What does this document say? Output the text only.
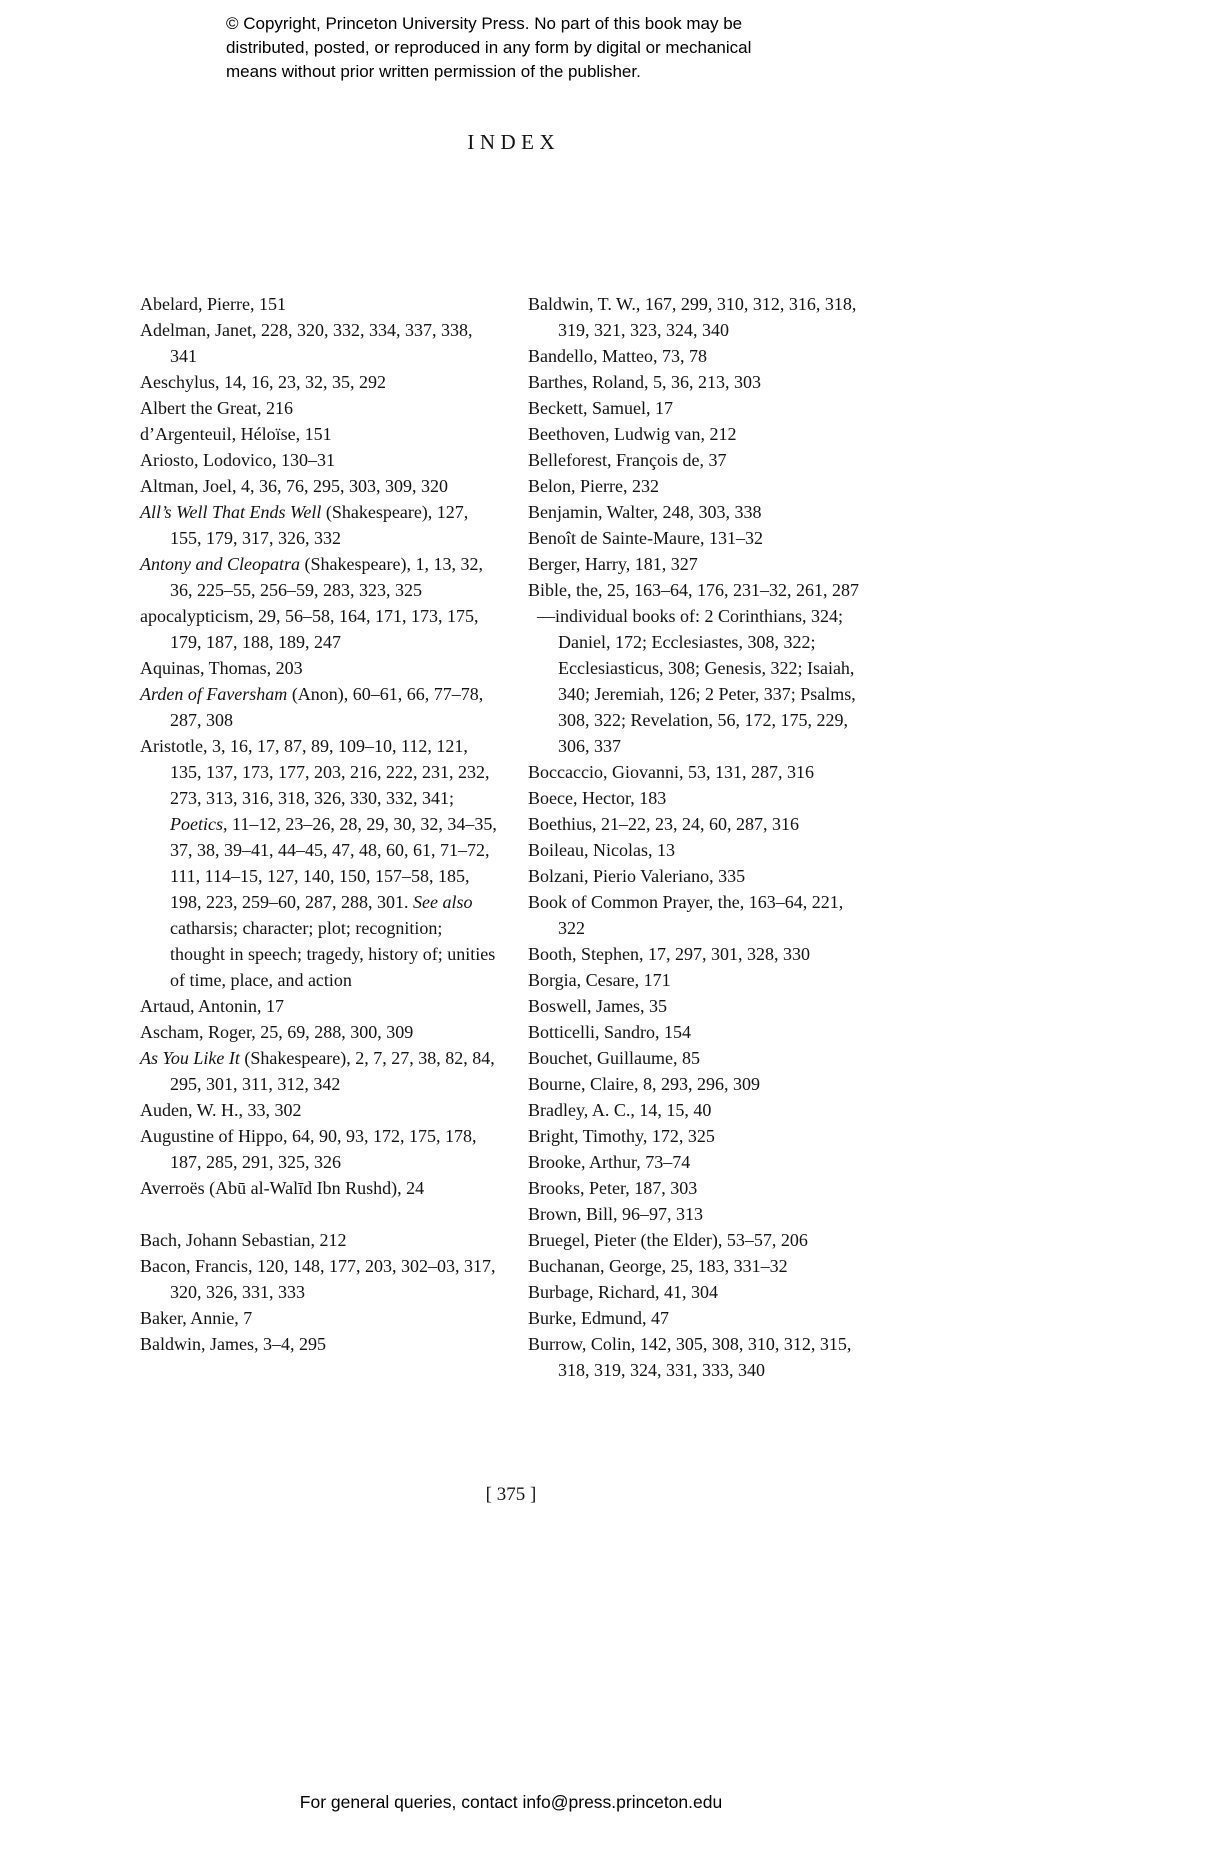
© Copyright, Princeton University Press. No part of this book may be distributed, posted, or reproduced in any form by digital or mechanical means without prior written permission of the publisher.

INDEX

Abelard, Pierre, 151

Adelman, Janet, 228, 320, 332, 334, 337, 338, 341

Aeschylus, 14, 16, 23, 32, 35, 292

Albert the Great, 216

d’Argenteuil, Héloïse, 151

Ariosto, Lodovico, 130–31

Altman, Joel, 4, 36, 76, 295, 303, 309, 320

All’s Well That Ends Well (Shakespeare), 127, 155, 179, 317, 326, 332

Antony and Cleopatra (Shakespeare), 1, 13, 32, 36, 225–55, 256–59, 283, 323, 325

apocalypticism, 29, 56–58, 164, 171, 173, 175, 179, 187, 188, 189, 247

Aquinas, Thomas, 203

Arden of Faversham (Anon), 60–61, 66, 77–78, 287, 308

Aristotle, 3, 16, 17, 87, 89, 109–10, 112, 121, 135, 137, 173, 177, 203, 216, 222, 231, 232, 273, 313, 316, 318, 326, 330, 332, 341; Poetics, 11–12, 23–26, 28, 29, 30, 32, 34–35, 37, 38, 39–41, 44–45, 47, 48, 60, 61, 71–72, 111, 114–15, 127, 140, 150, 157–58, 185, 198, 223, 259–60, 287, 288, 301. See also catharsis; character; plot; recognition; thought in speech; tragedy, history of; unities of time, place, and action

Artaud, Antonin, 17

Ascham, Roger, 25, 69, 288, 300, 309

As You Like It (Shakespeare), 2, 7, 27, 38, 82, 84, 295, 301, 311, 312, 342

Auden, W. H., 33, 302

Augustine of Hippo, 64, 90, 93, 172, 175, 178, 187, 285, 291, 325, 326

Averroës (Abū al-Walīd Ibn Rushd), 24

Bach, Johann Sebastian, 212

Bacon, Francis, 120, 148, 177, 203, 302–03, 317, 320, 326, 331, 333

Baker, Annie, 7

Baldwin, James, 3–4, 295

Baldwin, T. W., 167, 299, 310, 312, 316, 318, 319, 321, 323, 324, 340

Bandello, Matteo, 73, 78

Barthes, Roland, 5, 36, 213, 303

Beckett, Samuel, 17

Beethoven, Ludwig van, 212

Belleforest, François de, 37

Belon, Pierre, 232

Benjamin, Walter, 248, 303, 338

Benoît de Sainte-Maure, 131–32

Berger, Harry, 181, 327

Bible, the, 25, 163–64, 176, 231–32, 261, 287

—individual books of: 2 Corinthians, 324; Daniel, 172; Ecclesiastes, 308, 322; Ecclesiasticus, 308; Genesis, 322; Isaiah, 340; Jeremiah, 126; 2 Peter, 337; Psalms, 308, 322; Revelation, 56, 172, 175, 229, 306, 337

Boccaccio, Giovanni, 53, 131, 287, 316

Boece, Hector, 183

Boethius, 21–22, 23, 24, 60, 287, 316

Boileau, Nicolas, 13

Bolzani, Pierio Valeriano, 335

Book of Common Prayer, the, 163–64, 221, 322

Booth, Stephen, 17, 297, 301, 328, 330

Borgia, Cesare, 171

Boswell, James, 35

Botticelli, Sandro, 154

Bouchet, Guillaume, 85

Bourne, Claire, 8, 293, 296, 309

Bradley, A. C., 14, 15, 40

Bright, Timothy, 172, 325

Brooke, Arthur, 73–74

Brooks, Peter, 187, 303

Brown, Bill, 96–97, 313

Bruegel, Pieter (the Elder), 53–57, 206

Buchanan, George, 25, 183, 331–32

Burbage, Richard, 41, 304

Burke, Edmund, 47

Burrow, Colin, 142, 305, 308, 310, 312, 315, 318, 319, 324, 331, 333, 340

[ 375 ]

For general queries, contact info@press.princeton.edu
